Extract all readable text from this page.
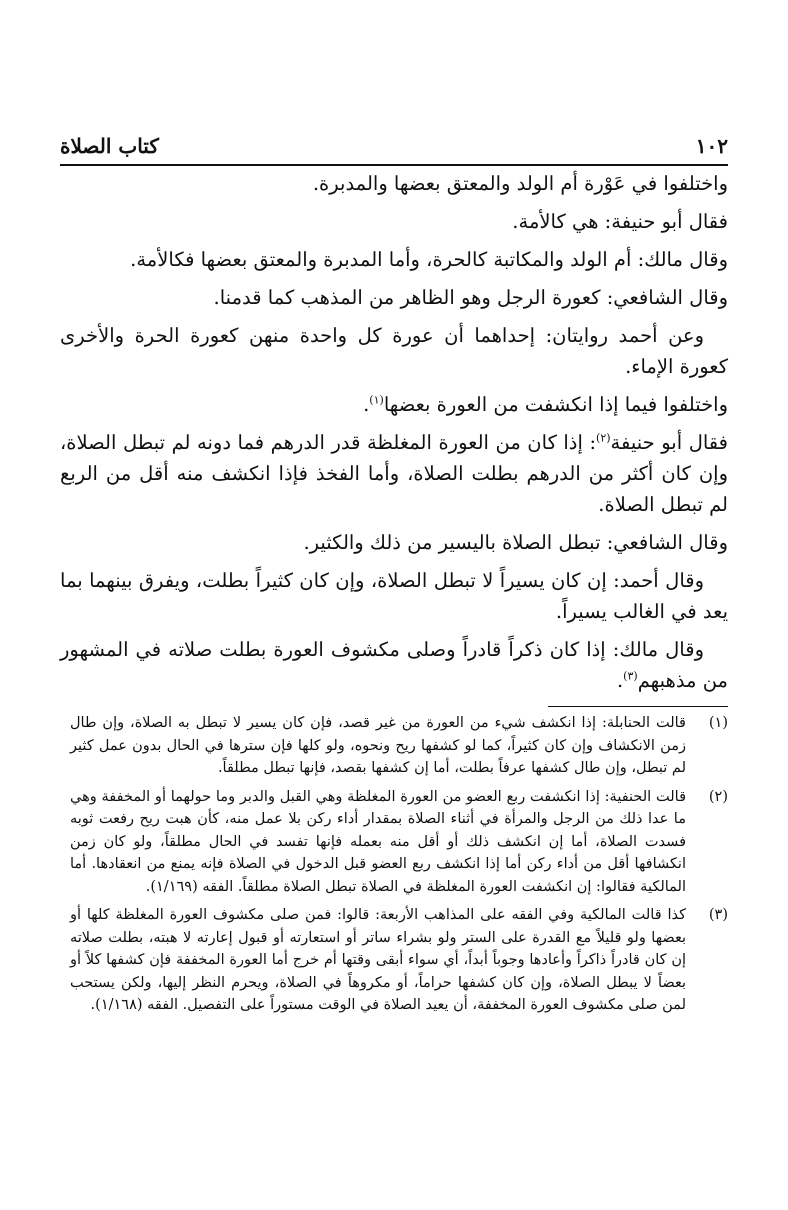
١٠٢
كتاب الصلاة

واختلفوا في عَوْرة أم الولد والمعتق بعضها والمدبرة.

فقال أبو حنيفة: هي كالأمة.

وقال مالك: أم الولد والمكاتبة كالحرة، وأما المدبرة والمعتق بعضها فكالأمة.

وقال الشافعي: كعورة الرجل وهو الظاهر من المذهب كما قدمنا.

وعن أحمد روايتان: إحداهما أن عورة كل واحدة منهن كعورة الحرة والأخرى كعورة الإماء.

واختلفوا فيما إذا انكشفت من العورة بعضها$^{(١)}$.

فقال أبو حنيفة$^{(٢)}$: إذا كان من العورة المغلظة قدر الدرهم فما دونه لم تبطل الصلاة، وإن كان أكثر من الدرهم بطلت الصلاة، وأما الفخذ فإذا انكشف منه أقل من الربع لم تبطل الصلاة.

وقال الشافعي: تبطل الصلاة باليسير من ذلك والكثير.

وقال أحمد: إن كان يسيراً لا تبطل الصلاة، وإن كان كثيراً بطلت، ويفرق بينهما بما يعد في الغالب يسيراً.

وقال مالك: إذا كان ذكراً قادراً وصلى مكشوف العورة بطلت صلاته في المشهور من مذهبهم$^{(٣)}$.

(١)
قالت الحنابلة: إذا انكشف شيء من العورة من غير قصد، فإن كان يسير لا تبطل به الصلاة، وإن طال زمن الانكشاف وإن كان كثيراً، كما لو كشفها ريح ونحوه، ولو كلها فإن سترها في الحال بدون عمل كثير لم تبطل، وإن طال كشفها عرفاً بطلت، أما إن كشفها بقصد، فإنها تبطل مطلقاً.
(٢)
قالت الحنفية: إذا انكشفت ربع العضو من العورة المغلظة وهي القبل والدبر وما حولهما أو المخففة وهي ما عدا ذلك من الرجل والمرأة في أثناء الصلاة بمقدار أداء ركن بلا عمل منه، كأن هبت ريح رفعت ثوبه فسدت الصلاة، أما إن انكشف ذلك أو أقل منه بعمله فإنها تفسد في الحال مطلقاً، ولو كان زمن انكشافها أقل من أداء ركن أما إذا انكشف ربع العضو قبل الدخول في الصلاة فإنه يمنع من انعقادها. أما المالكية فقالوا: إن انكشفت العورة المغلظة في الصلاة تبطل الصلاة مطلقاً. الفقه (١/١٦٩).
(٣)
كذا قالت المالكية وفي الفقه على المذاهب الأربعة: قالوا: فمن صلى مكشوف العورة المغلظة كلها أو بعضها ولو قليلاً مع القدرة على الستر ولو بشراء ساتر أو استعارته أو قبول إعارته لا هبته، بطلت صلاته إن كان قادراً ذاكراً وأعادها وجوباً أبداً، أي سواء أبقى وقتها أم خرج أما العورة المخففة فإن كشفها كلاً أو بعضاً لا يبطل الصلاة، وإن كان كشفها حراماً، أو مكروهاً في الصلاة، ويحرم النظر إليها، ولكن يستحب لمن صلى مكشوف العورة المخففة، أن يعيد الصلاة في الوقت مستوراً على التفصيل. الفقه (١/١٦٨).
